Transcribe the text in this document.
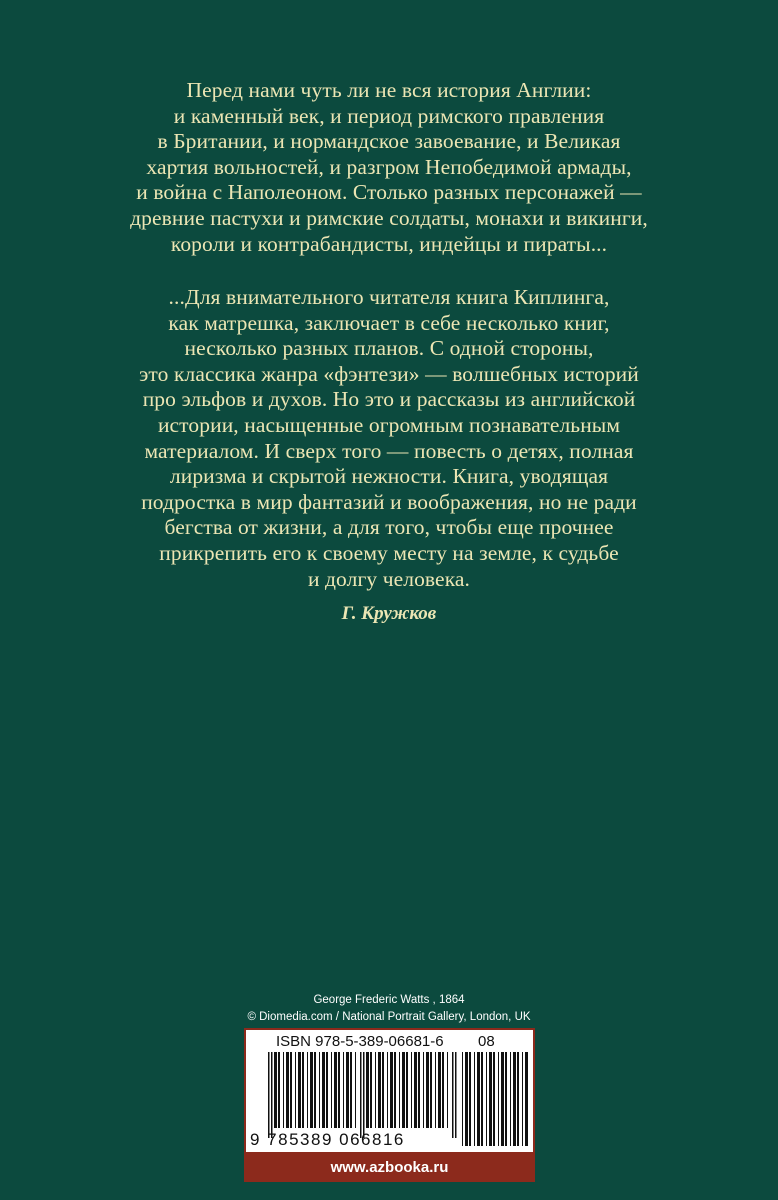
Перед нами чуть ли не вся история Англии:
и каменный век, и период римского правления
в Британии, и нормандское завоевание, и Великая
хартия вольностей, и разгром Непобедимой армады,
и война с Наполеоном. Столько разных персонажей —
древние пастухи и римские солдаты, монахи и викинги,
короли и контрабандисты, индейцы и пираты...
...Для внимательного читателя книга Киплинга,
как матрешка, заключает в себе несколько книг,
несколько разных планов. С одной стороны,
это классика жанра «фэнтези» — волшебных историй
про эльфов и духов. Но это и рассказы из английской
истории, насыщенные огромным познавательным
материалом. И сверх того — повесть о детях, полная
лиризма и скрытой нежности. Книга, уводящая
подростка в мир фантазий и воображения, но не ради
бегства от жизни, а для того, чтобы еще прочнее
прикрепить его к своему месту на земле, к судьбе
и долгу человека.
Г. Кружков
George Frederic Watts , 1864
© Diomedia.com / National Portrait Gallery, London, UK
ISBN 978-5-389-06681-6 08
9 785389 066816
www.azbooka.ru
